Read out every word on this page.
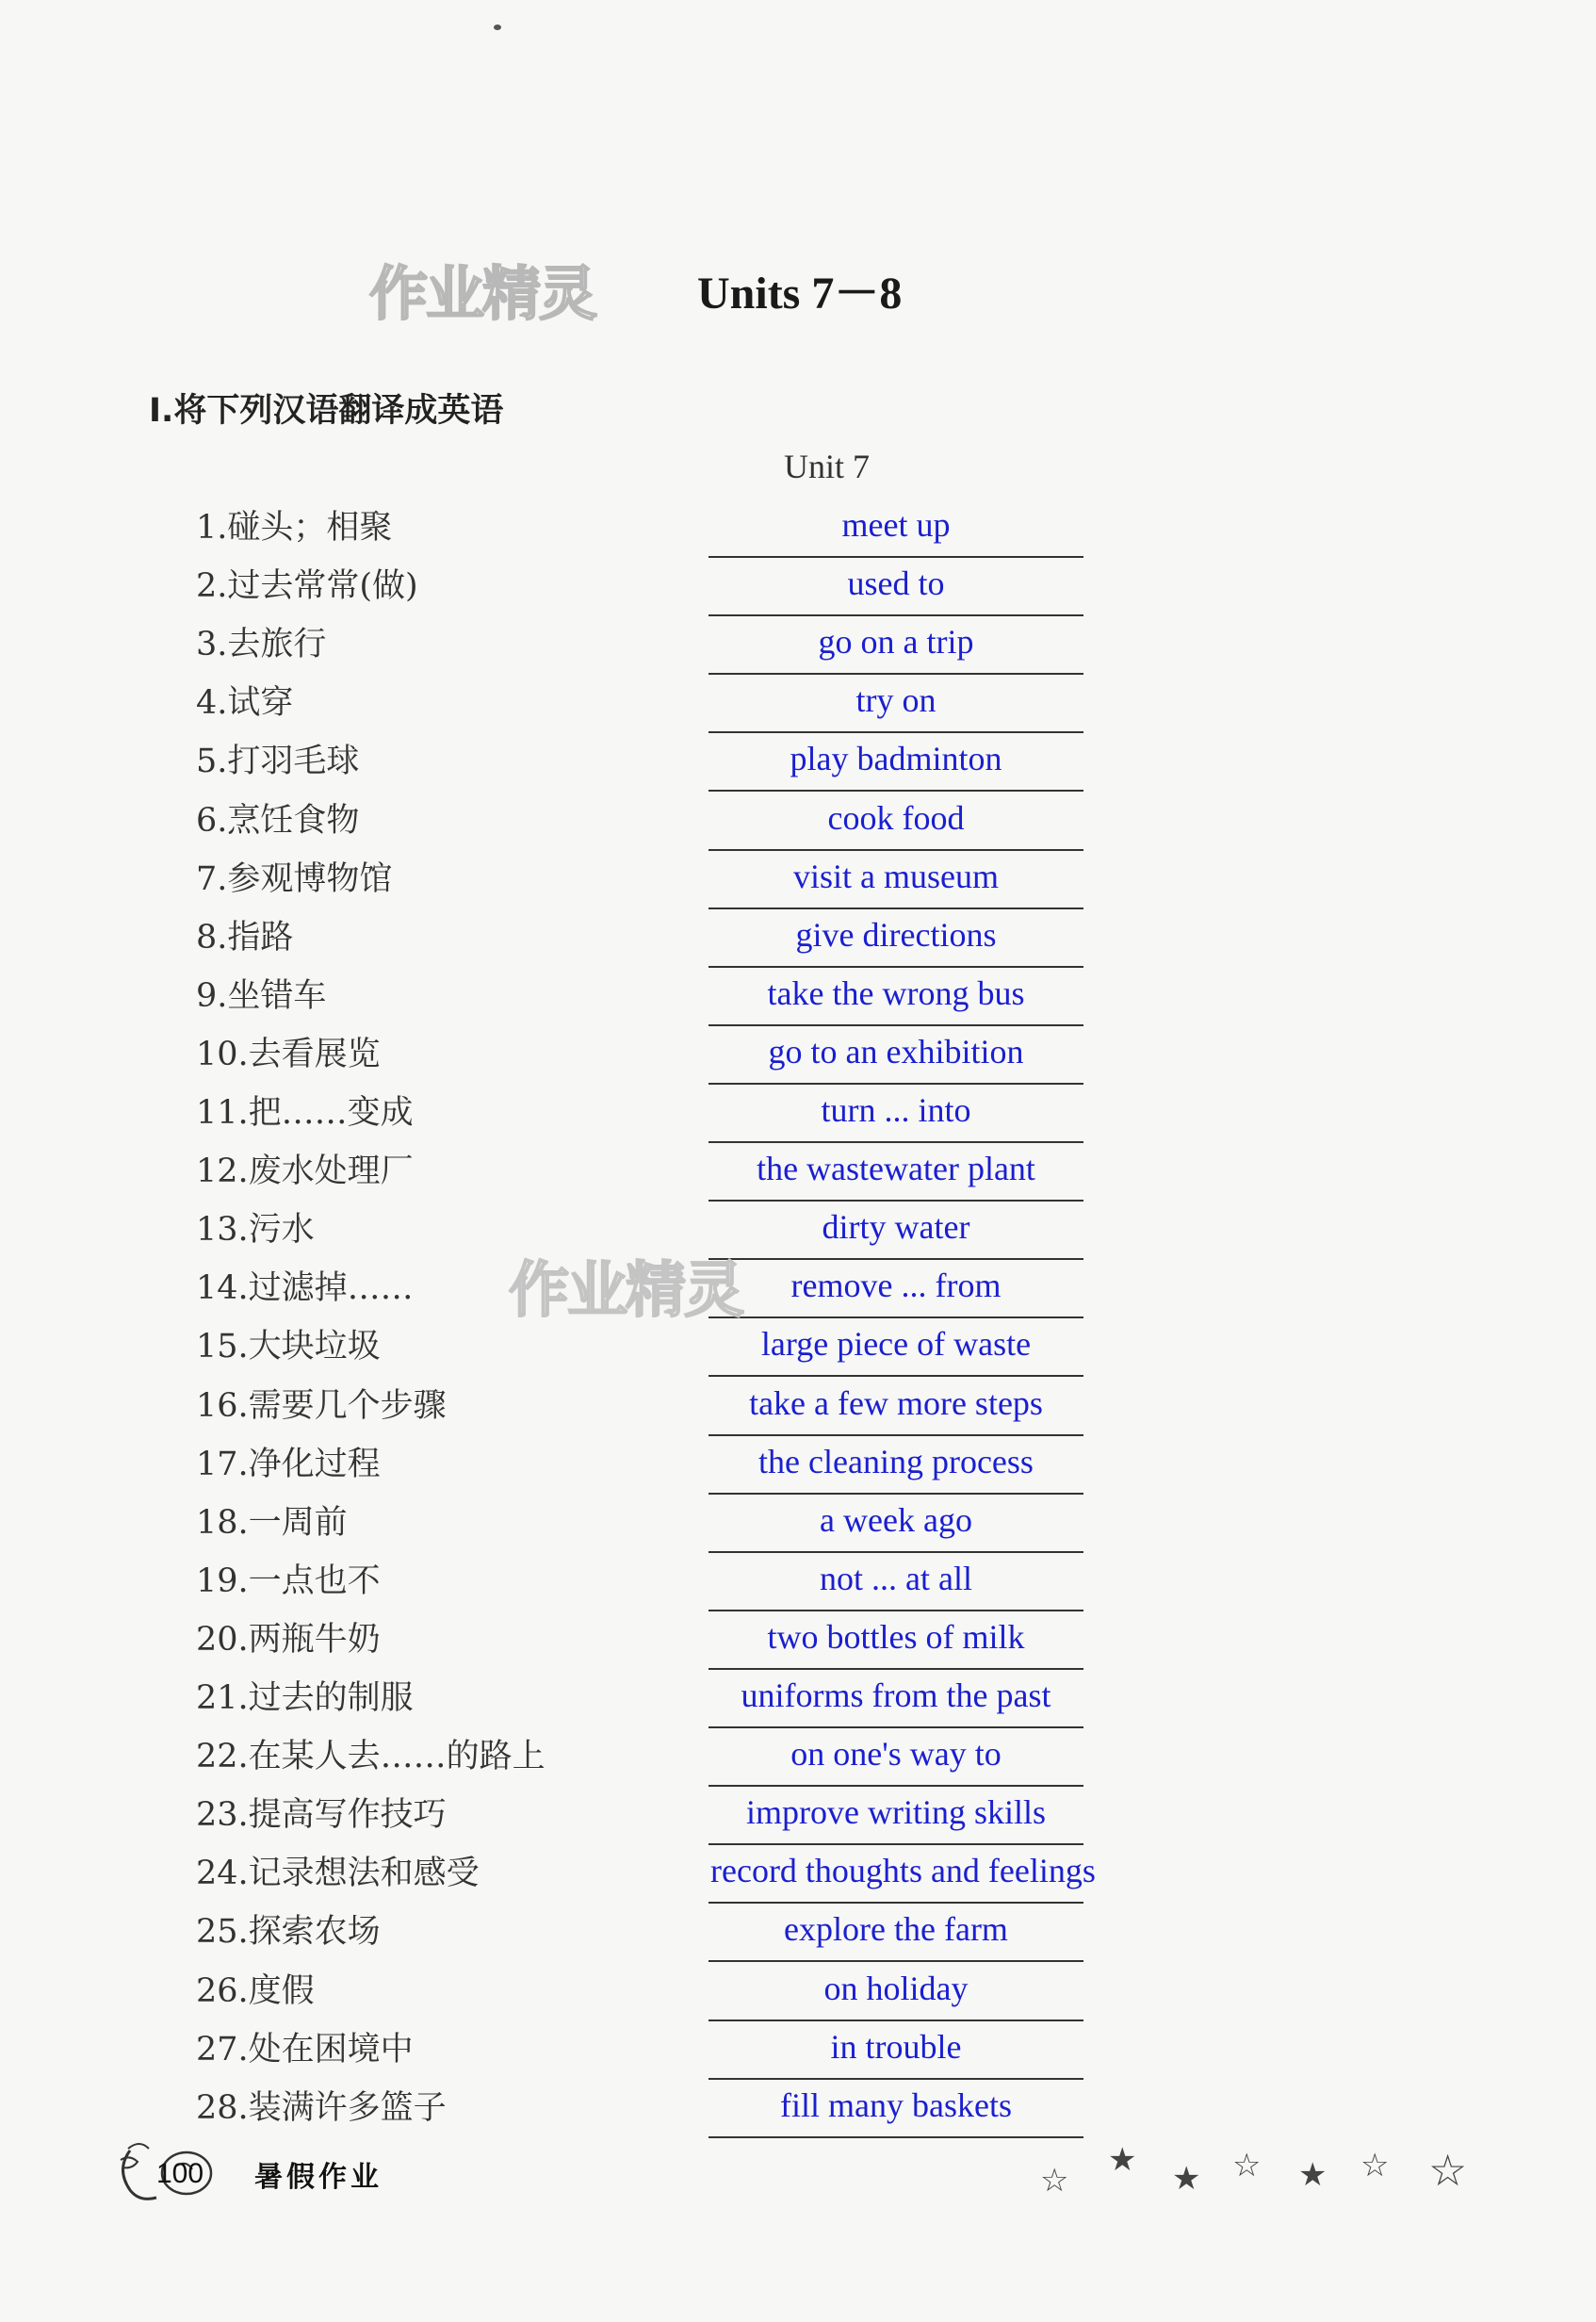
作业精灵 Units 7－8
Ⅰ.将下列汉语翻译成英语
Unit 7
1.碰头；相聚	meet up
2.过去常常(做)	used to
3.去旅行	go on a trip
4.试穿	try on
5.打羽毛球	play badminton
6.烹饪食物	cook food
7.参观博物馆	visit a museum
8.指路	give directions
9.坐错车	take the wrong bus
10.去看展览	go to an exhibition
11.把……变成	turn ... into
12.废水处理厂	the wastewater plant
13.污水	dirty water
14.过滤掉……	remove ... from
15.大块垃圾	large piece of waste
16.需要几个步骤	take a few more steps
17.净化过程	the cleaning process
18.一周前	a week ago
19.一点也不	not ... at all
20.两瓶牛奶	two bottles of milk
21.过去的制服	uniforms from the past
22.在某人去……的路上	on one's way to
23.提高写作技巧	improve writing skills
24.记录想法和感受	record thoughts and feelings
25.探索农场	explore the farm
26.度假	on holiday
27.处在困境中	in trouble
28.装满许多篮子	fill many baskets
作业精灵
100 暑假作业	☆
★ ★ ☆ ★ ☆ ☆
